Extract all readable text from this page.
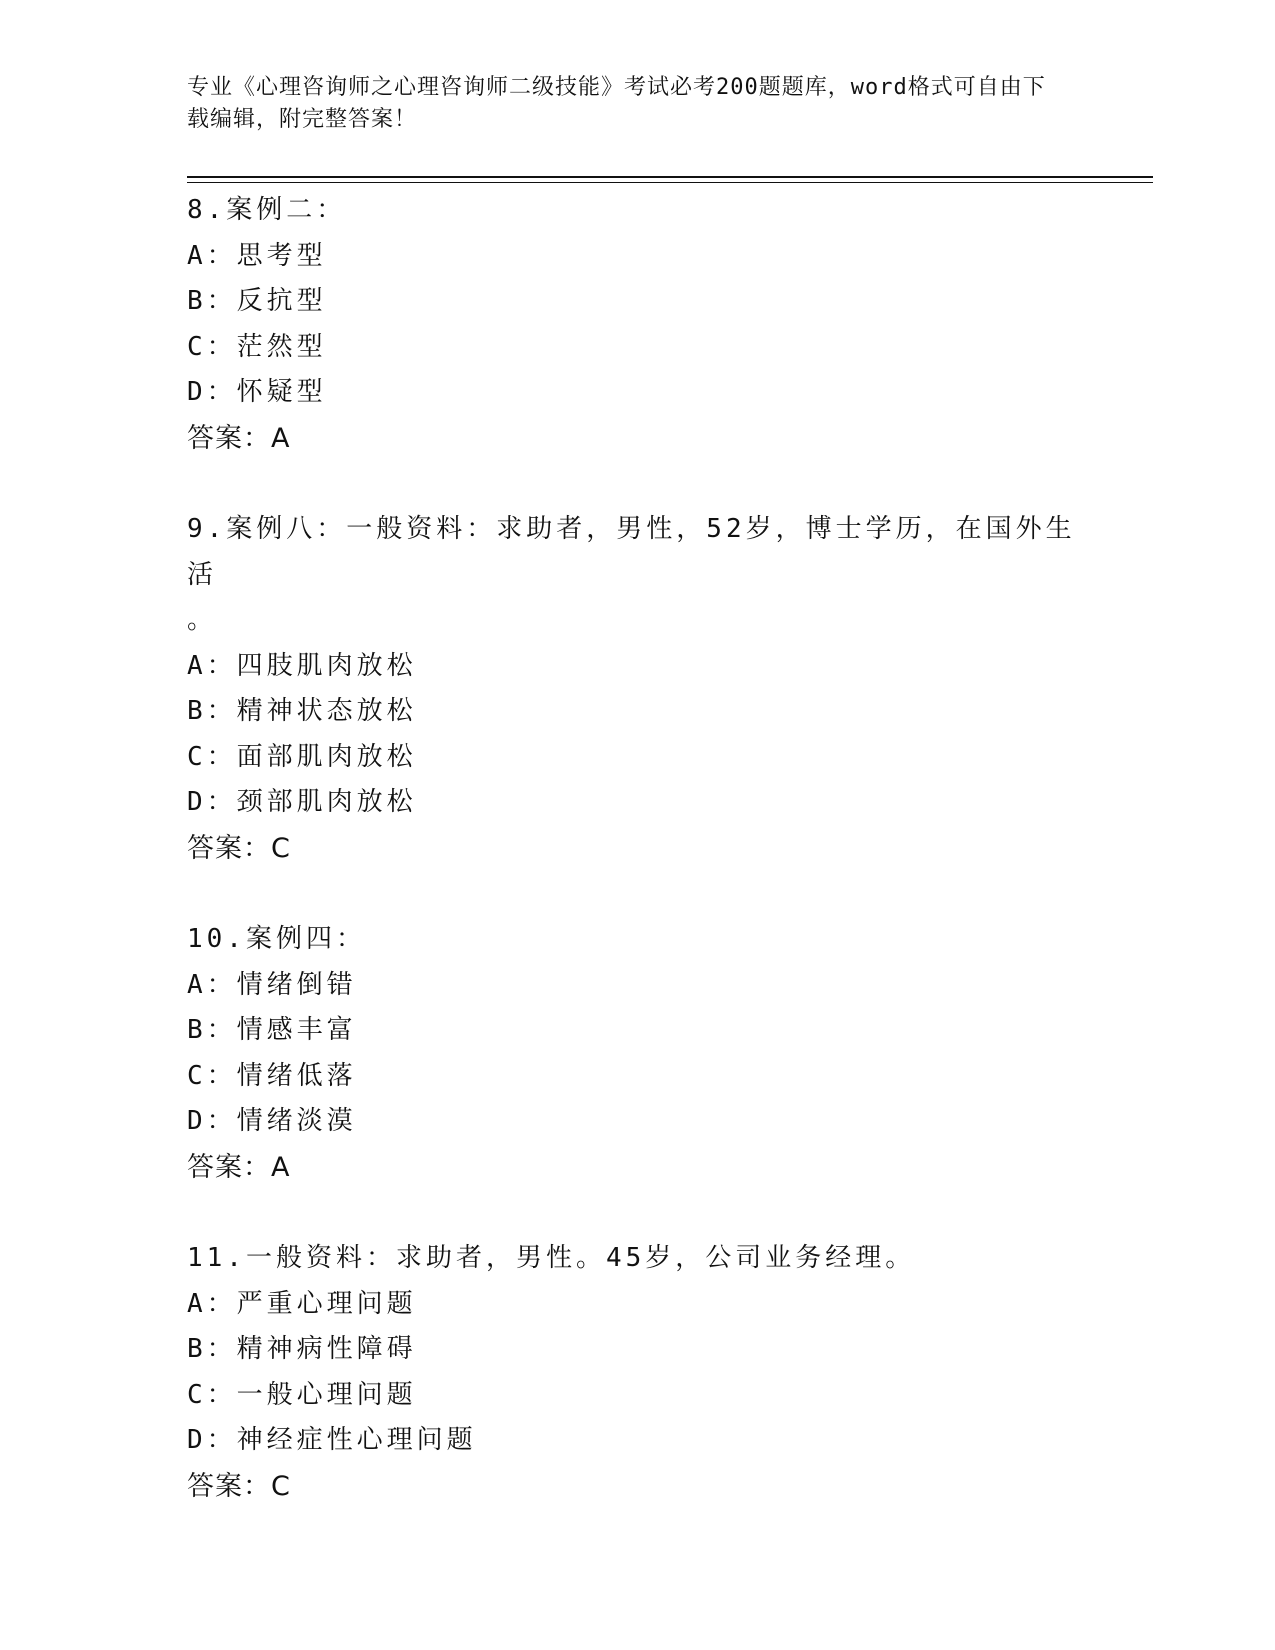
专业《心理咨询师之心理咨询师二级技能》考试必考200题题库，word格式可自由下载编辑，附完整答案！
8.案例二：
A：思考型
B：反抗型
C：茫然型
D：怀疑型
答案：A
9.案例八：一般资料：求助者，男性，52岁，博士学历，在国外生活
。
A：四肢肌肉放松
B：精神状态放松
C：面部肌肉放松
D：颈部肌肉放松
答案：C
10.案例四：
A：情绪倒错
B：情感丰富
C：情绪低落
D：情绪淡漠
答案：A
11.一般资料：求助者，男性。45岁，公司业务经理。
A：严重心理问题
B：精神病性障碍
C：一般心理问题
D：神经症性心理问题
答案：C
